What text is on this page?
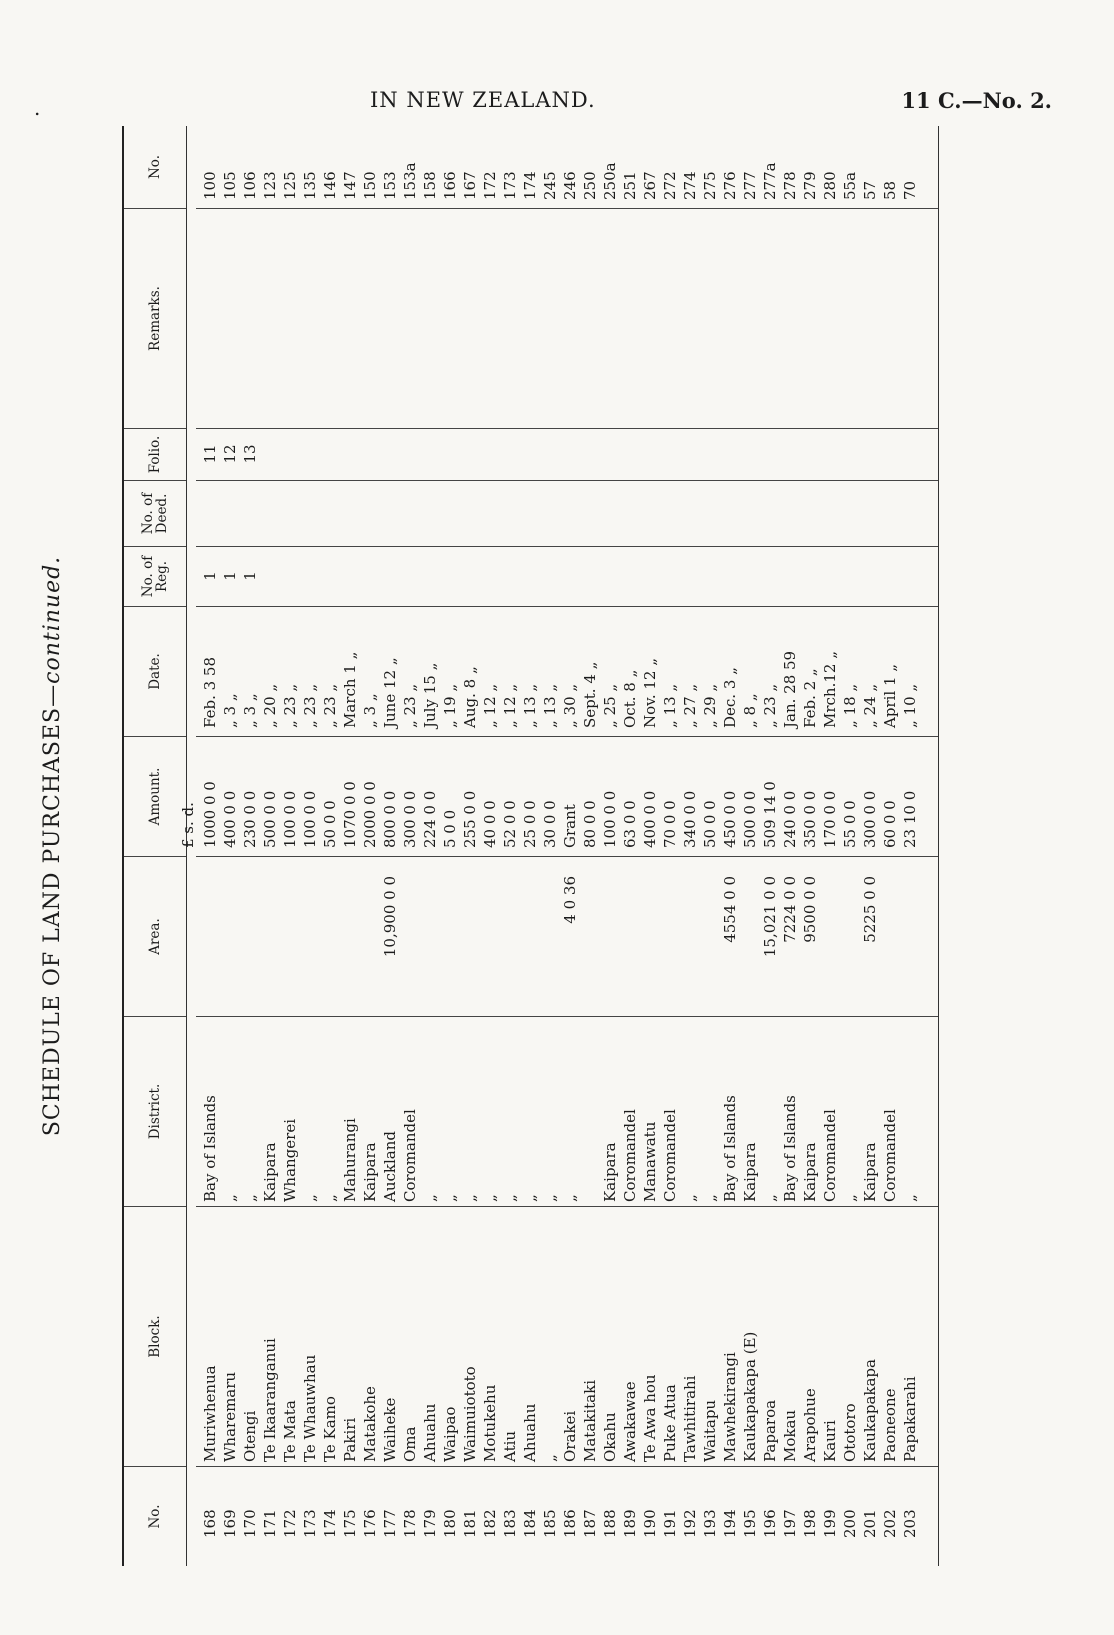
.	IN NEW ZEALAND.	11 C.—No. 2.
SCHEDULE OF LAND PURCHASES—continued.
No.
Block.
District.
Area.
Amount.
Date.
No. of Reg.
No. of Deed.
Folio.
Remarks.
No.
£ s. d.
168
Muriwhenua
Bay of Islands
1000 0 0
Feb. 3 58
1
11
100
169
Wharemaru
„
400 0 0
„ 3 „
1
12
105
170
Otengi
„
230 0 0
„ 3 „
1
13
106
171
Te Ikaaranganui
Kaipara
500 0 0
„ 20 „
123
172
Te Mata
Whangerei
100 0 0
„ 23 „
125
173
Te Whauwhau
„
100 0 0
„ 23 „
135
174
Te Kamo
„
50 0 0
„ 23 „
146
175
Pakiri
Mahurangi
1070 0 0
March 1 „
147
176
Matakohe
Kaipara
2000 0 0
„ 3 „
150
177
Waiheke
Auckland
10,900 0 0
800 0 0
June 12 „
153
178
Oma
Coromandel
300 0 0
„ 23 „
153a
179
Ahuahu
„
224 0 0
July 15 „
158
180
Waipao
„
5 0 0
„ 19 „
166
181
Waimuiototo
„
255 0 0
Aug. 8 „
167
182
Motukehu
„
40 0 0
„ 12 „
172
183
Atiu
„
52 0 0
„ 12 „
173
184
Ahuahu
„
25 0 0
„ 13 „
174
185
„
„
30 0 0
„ 13 „
245
186
Orakei
„
4 0 36
Grant
„ 30 „
246
187
Matakitaki
80 0 0
Sept. 4 „
250
188
Okahu
Kaipara
100 0 0
„ 25 „
250a
189
Awakawae
Coromandel
63 0 0
Oct. 8 „
251
190
Te Awa hou
Manawatu
400 0 0
Nov. 12 „
267
191
Puke Atua
Coromandel
70 0 0
„ 13 „
272
192
Tawhitirahi
„
340 0 0
„ 27 „
274
193
Waitapu
„
50 0 0
„ 29 „
275
194
Mawhekirangi
Bay of Islands
4554 0 0
450 0 0
Dec. 3 „
276
195
Kaukapakapa (E)
Kaipara
500 0 0
„ 8 „
277
196
Paparoa
„
15,021 0 0
509 14 0
„ 23 „
277a
197
Mokau
Bay of Islands
7224 0 0
240 0 0
Jan. 28 59
278
198
Arapohue
Kaipara
9500 0 0
350 0 0
Feb. 2 „
279
199
Kauri
Coromandel
170 0 0
Mrch.12 „
280
200
Ototoro
„
55 0 0
„ 18 „
55a
201
Kaukapakapa
Kaipara
5225 0 0
300 0 0
„ 24 „
57
202
Paoneone
Coromandel
60 0 0
April 1 „
58
203
Papakarahi
„
23 10 0
„ 10 „
70
